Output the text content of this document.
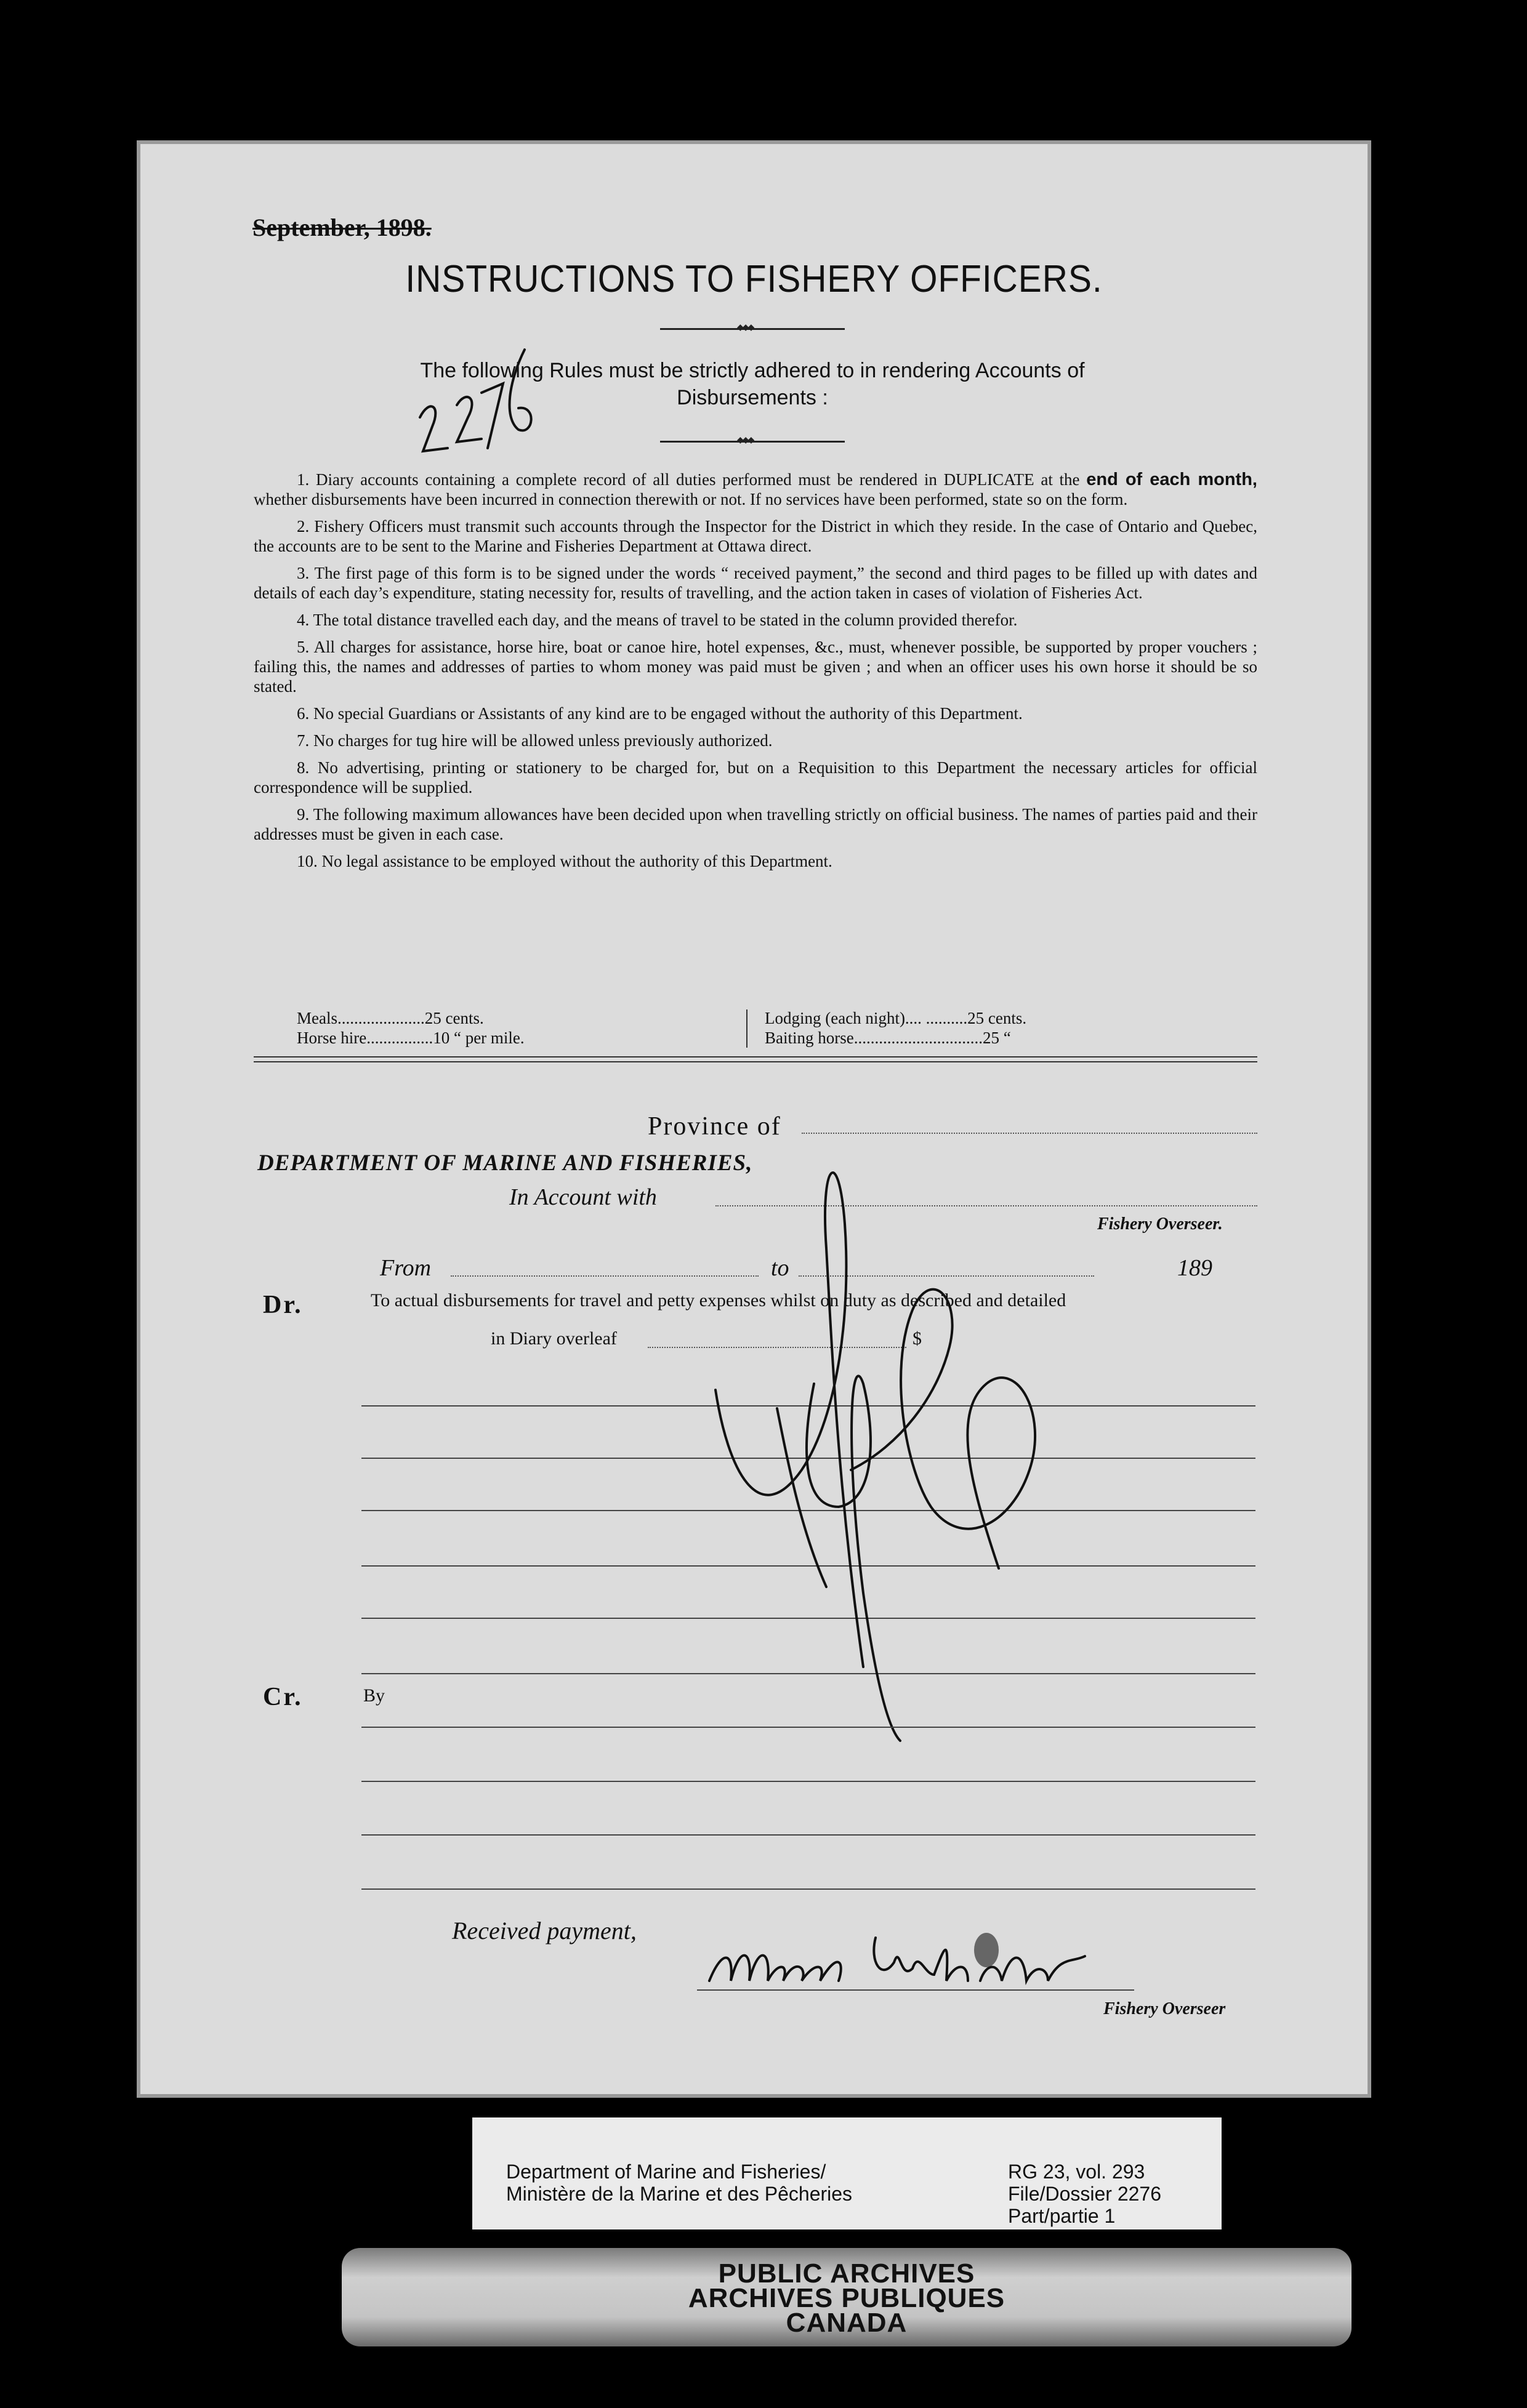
September, 1898.
INSTRUCTIONS TO FISHERY OFFICERS.
◆◆◆
The following Rules must be strictly adhered to in rendering Accounts of
Disbursements :
◆◆◆

1. Diary accounts containing a complete record of all duties performed must be rendered in DUPLICATE at the end of each month, whether disbursements have been incurred in connection therewith or not. If no services have been performed, state so on the form.

2. Fishery Officers must transmit such accounts through the Inspector for the District in which they reside. In the case of Ontario and Quebec, the accounts are to be sent to the Marine and Fisheries Department at Ottawa direct.

3. The first page of this form is to be signed under the words “ received payment,” the second and third pages to be filled up with dates and details of each day’s expenditure, stating necessity for, results of travelling, and the action taken in cases of violation of Fisheries Act.

4. The total distance travelled each day, and the means of travel to be stated in the column provided therefor.

5. All charges for assistance, horse hire, boat or canoe hire, hotel expenses, &c., must, whenever possible, be supported by proper vouchers ; failing this, the names and addresses of parties to whom money was paid must be given ; and when an officer uses his own horse it should be so stated.

6. No special Guardians or Assistants of any kind are to be engaged without the authority of this Department.

7. No charges for tug hire will be allowed unless previously authorized.

8. No advertising, printing or stationery to be charged for, but on a Requisition to this Department the necessary articles for official correspondence will be supplied.

9. The following maximum allowances have been decided upon when travelling strictly on official business. The names of parties paid and their addresses must be given in each case.

10. No legal assistance to be employed without the authority of this Department.

Meals.....................25 cents.
Horse hire................10 “ per mile.
Lodging (each night).... ..........25 cents.
Baiting horse...............................25 “
Province of
DEPARTMENT OF MARINE AND FISHERIES,
In Account with
Fishery Overseer.
From	to	189
Dr.	To actual disbursements for travel and petty expenses whilst on duty as described and detailed
in Diary overleaf	$
Cr.	By
Received payment,
Fishery Overseer
Department of Marine and Fisheries/
Ministère de la Marine et des Pêcheries
RG 23, vol. 293
File/Dossier 2276
Part/partie 1
PUBLIC ARCHIVES
ARCHIVES PUBLIQUES
CANADA
